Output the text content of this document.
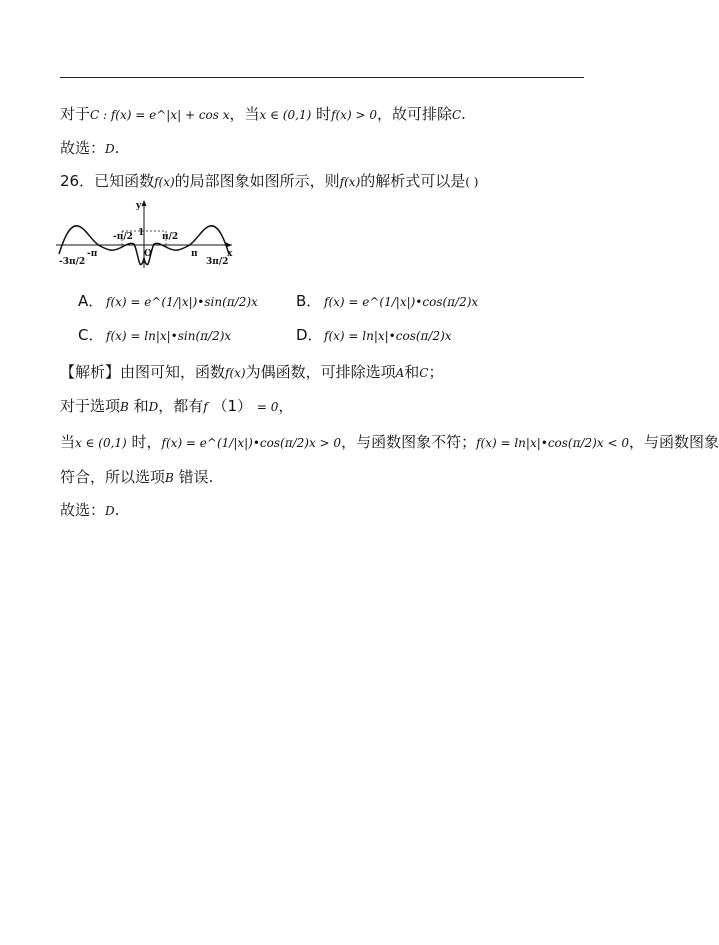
对于C : f(x) = e^|x| + cos x，当x ∈ (0,1) 时f(x) > 0，故可排除C.
故选：D.
26．已知函数f(x)的局部图象如图所示，则f(x)的解析式可以是( )
y
x
1
O
-π	π
-π/2	π/2
-3π/2	3π/2
A． f(x) = e^(1/|x|)•sin(π/2)x	B． f(x) = e^(1/|x|)•cos(π/2)x
C． f(x) = ln|x|•sin(π/2)x	D． f(x) = ln|x|•cos(π/2)x
【解析】由图可知，函数f(x)为偶函数，可排除选项A和C；
对于选项B 和D，都有f （1） = 0，
当x ∈ (0,1) 时，f(x) = e^(1/|x|)•cos(π/2)x > 0，与函数图象不符；f(x) = ln|x|•cos(π/2)x < 0，与函数图象
符合，所以选项B 错误.
故选：D.
